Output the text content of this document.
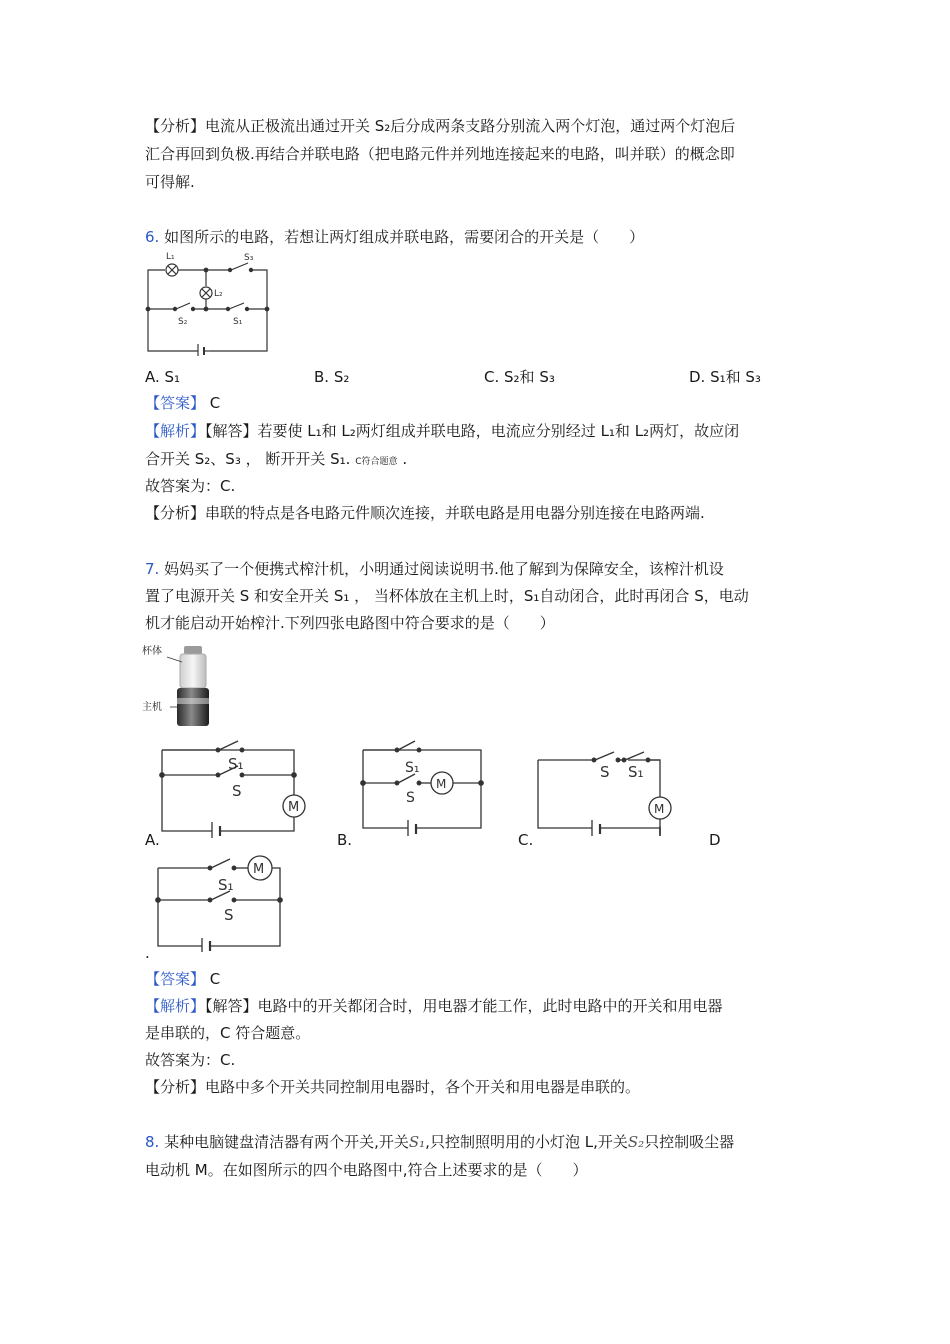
【分析】电流从正极流出通过开关 S₂后分成两条支路分别流入两个灯泡，通过两个灯泡后
汇合再回到负极.再结合并联电路（把电路元件并列地连接起来的电路，叫并联）的概念即
可得解.
6. 如图所示的电路，若想让两灯组成并联电路，需要闭合的开关是（　　）
L₁
L₂
S₃
S₂	S₁
A. S₁	B. S₂	C. S₂和 S₃	D. S₁和 S₃
【答案】 C
【解析】【解答】若要使 L₁和 L₂两灯组成并联电路，电流应分别经过 L₁和 L₂两灯，故应闭
合开关 S₂、S₃ ， 断开开关 S₁. C符合题意 .
故答案为：C.
【分析】串联的特点是各电路元件顺次连接，并联电路是用电器分别连接在电路两端.
7. 妈妈买了一个便携式榨汁机，小明通过阅读说明书.他了解到为保障安全，该榨汁机设
置了电源开关 S 和安全开关 S₁ ， 当杯体放在主机上时，S₁自动闭合，此时再闭合 S，电动
机才能启动开始榨汁.下列四张电路图中符合要求的是（　　）
杯体
主机
M
S₁
S
A.
M
S₁
S
B.
M
S S₁
C.	D
M
S₁
S
.
【答案】 C
【解析】【解答】电路中的开关都闭合时，用电器才能工作，此时电路中的开关和用电器
是串联的，C 符合题意。
故答案为：C.
【分析】电路中多个开关共同控制用电器时，各个开关和用电器是串联的。
8. 某种电脑键盘清洁器有两个开关,开关S₁,只控制照明用的小灯泡 L,开关S₂只控制吸尘器
电动机 M。在如图所示的四个电路图中,符合上述要求的是（　　）
